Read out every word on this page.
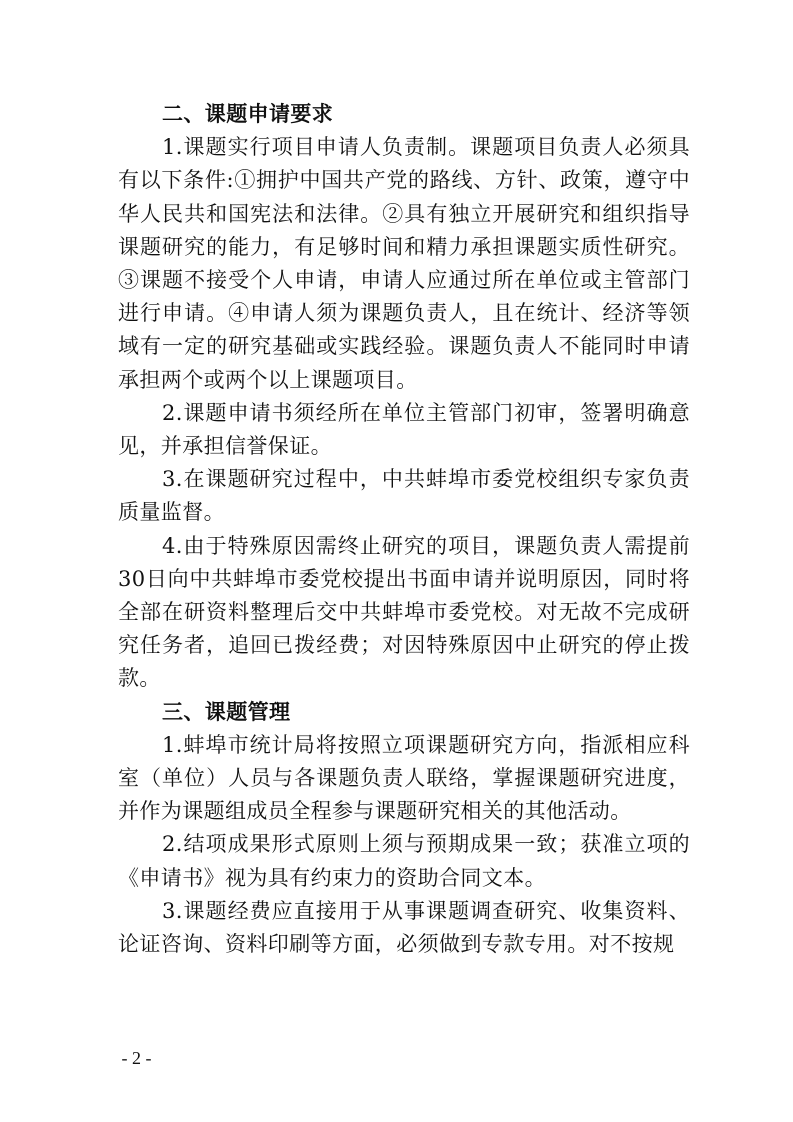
二、课题申请要求

1.课题实行项目申请人负责制。课题项目负责人必须具有以下条件:①拥护中国共产党的路线、方针、政策，遵守中华人民共和国宪法和法律。②具有独立开展研究和组织指导课题研究的能力，有足够时间和精力承担课题实质性研究。③课题不接受个人申请，申请人应通过所在单位或主管部门进行申请。④申请人须为课题负责人，且在统计、经济等领域有一定的研究基础或实践经验。课题负责人不能同时申请承担两个或两个以上课题项目。

2.课题申请书须经所在单位主管部门初审，签署明确意见，并承担信誉保证。

3.在课题研究过程中，中共蚌埠市委党校组织专家负责质量监督。

4.由于特殊原因需终止研究的项目，课题负责人需提前30日向中共蚌埠市委党校提出书面申请并说明原因，同时将全部在研资料整理后交中共蚌埠市委党校。对无故不完成研究任务者，追回已拨经费；对因特殊原因中止研究的停止拨款。

三、课题管理

1.蚌埠市统计局将按照立项课题研究方向，指派相应科室（单位）人员与各课题负责人联络，掌握课题研究进度，并作为课题组成员全程参与课题研究相关的其他活动。

2.结项成果形式原则上须与预期成果一致；获准立项的《申请书》视为具有约束力的资助合同文本。

3.课题经费应直接用于从事课题调查研究、收集资料、论证咨询、资料印刷等方面，必须做到专款专用。对不按规

- 2 -
